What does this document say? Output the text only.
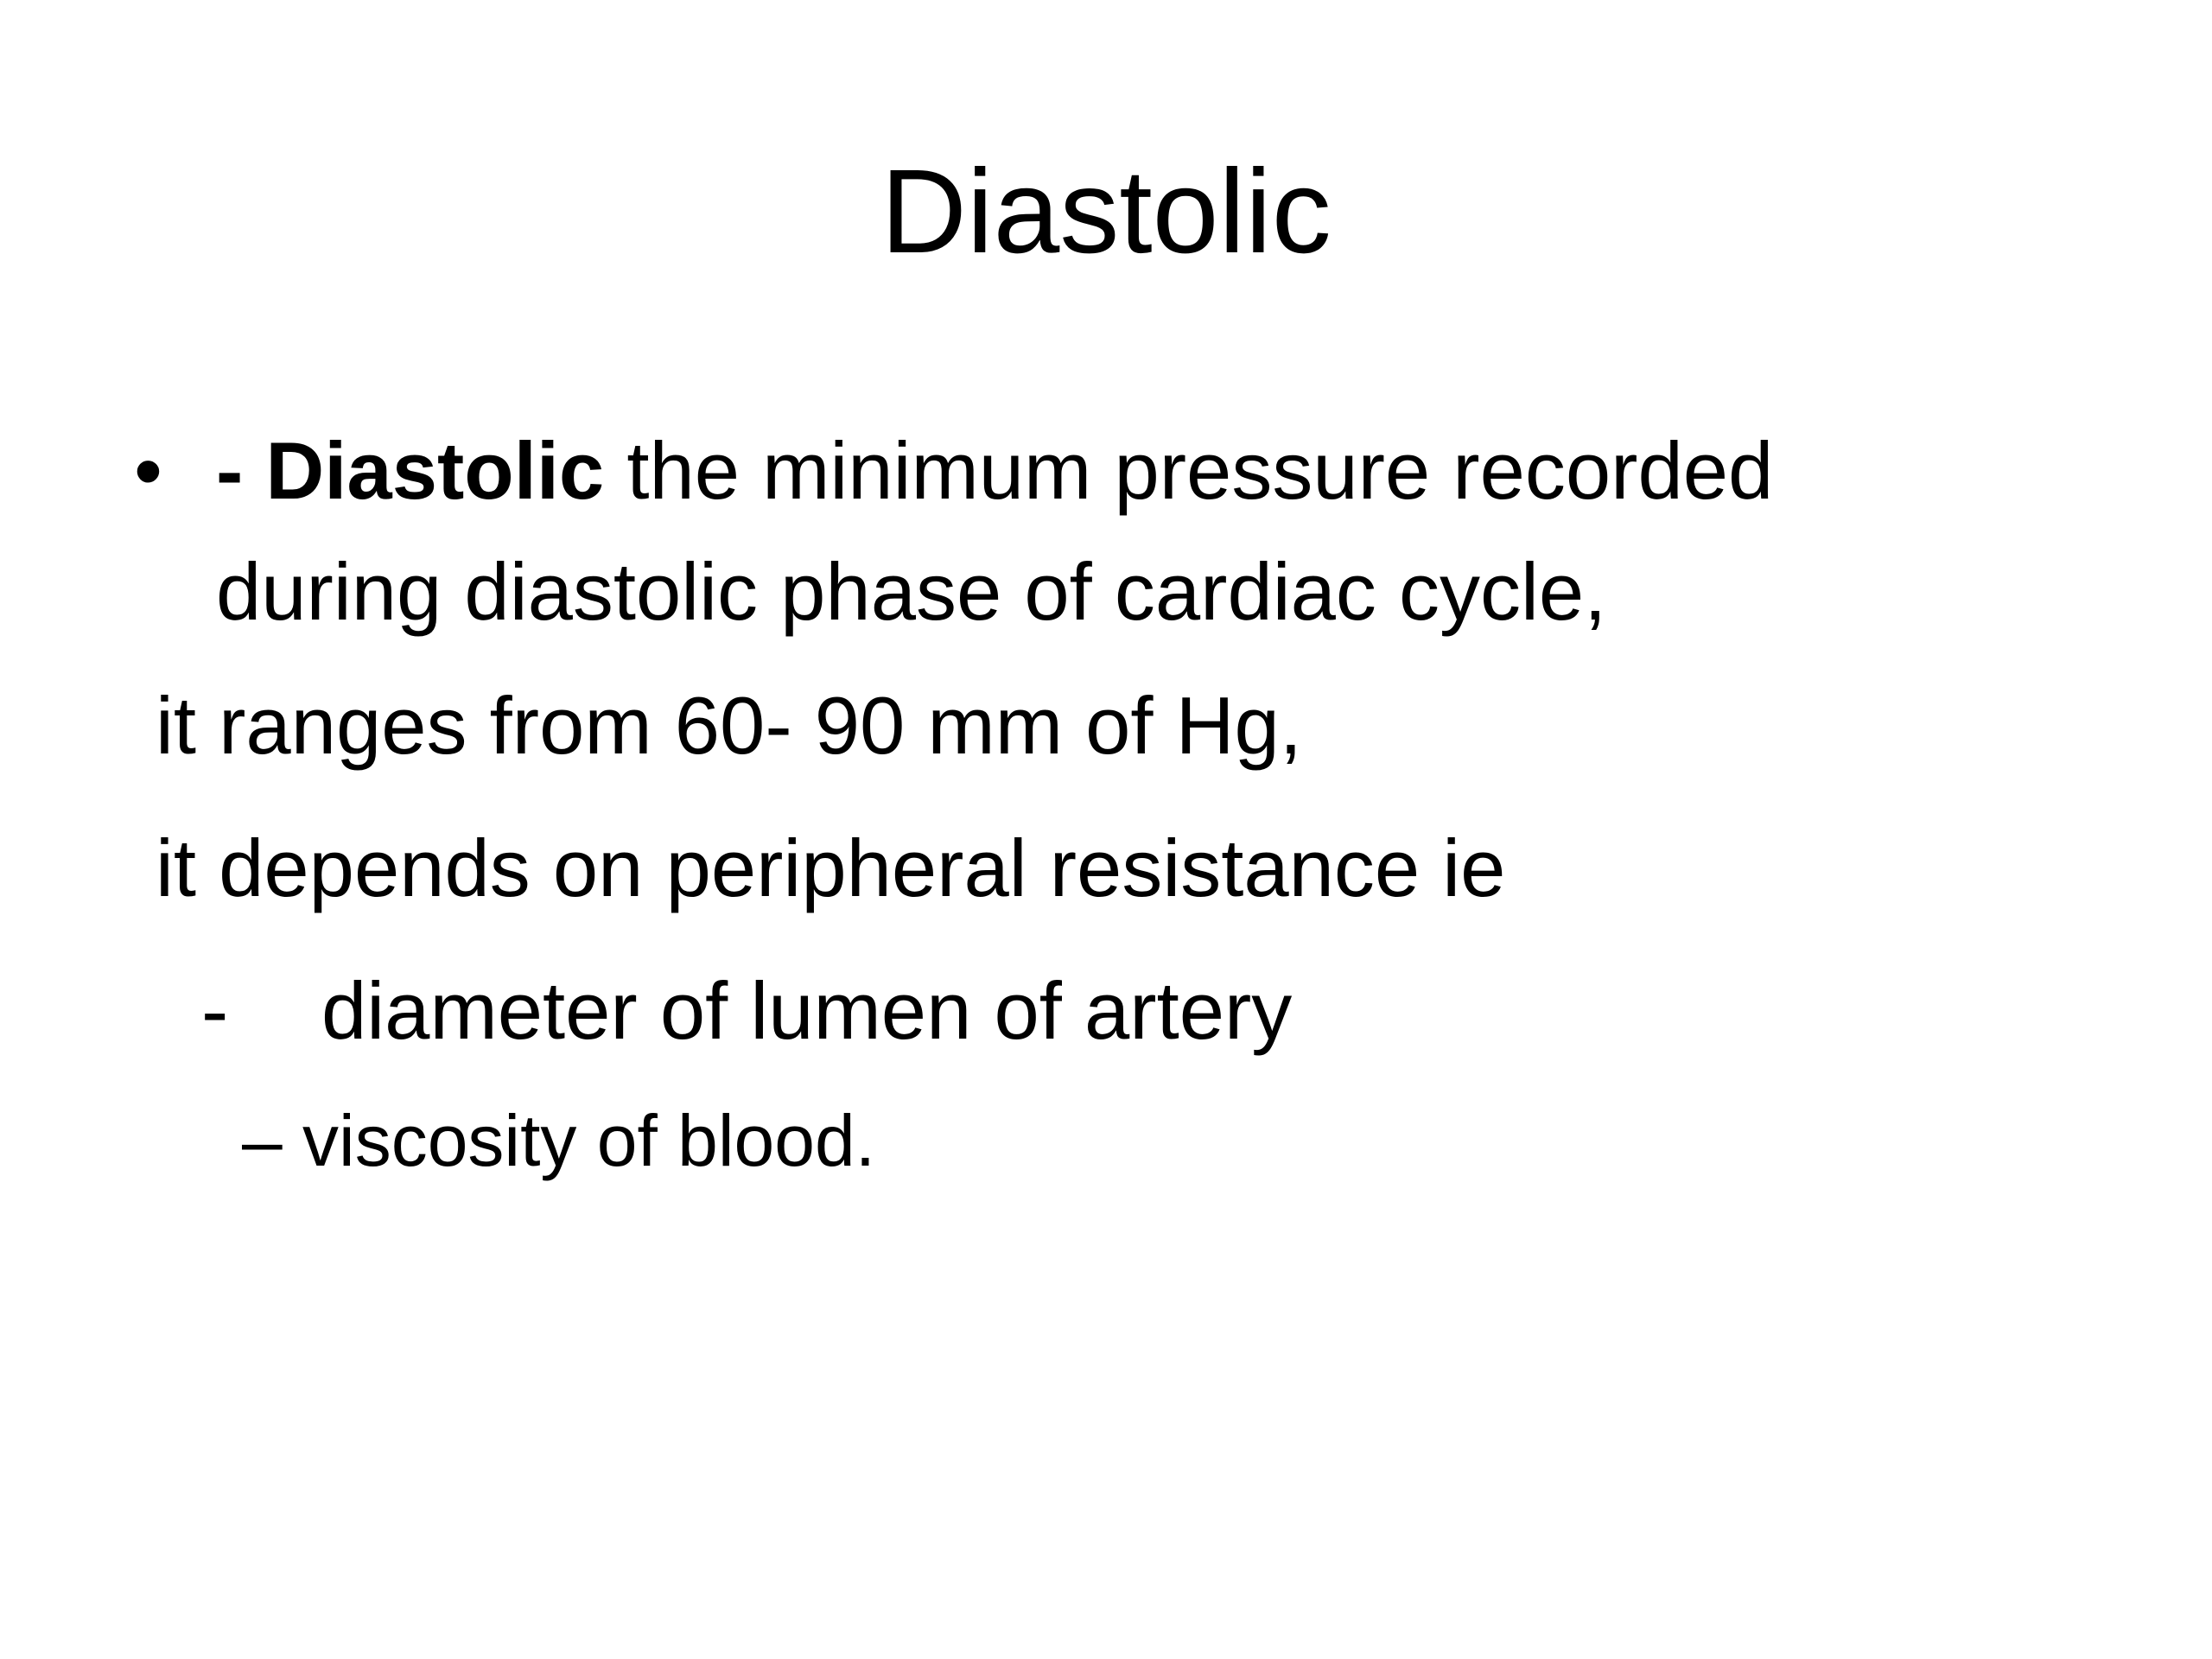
Diastolic
• - Diastolic the minimum pressure recorded
during diastolic phase of cardiac cycle,
it ranges from 60- 90 mm of Hg,
it depends on peripheral resistance ie
- diameter of lumen of artery
– viscosity of blood.
